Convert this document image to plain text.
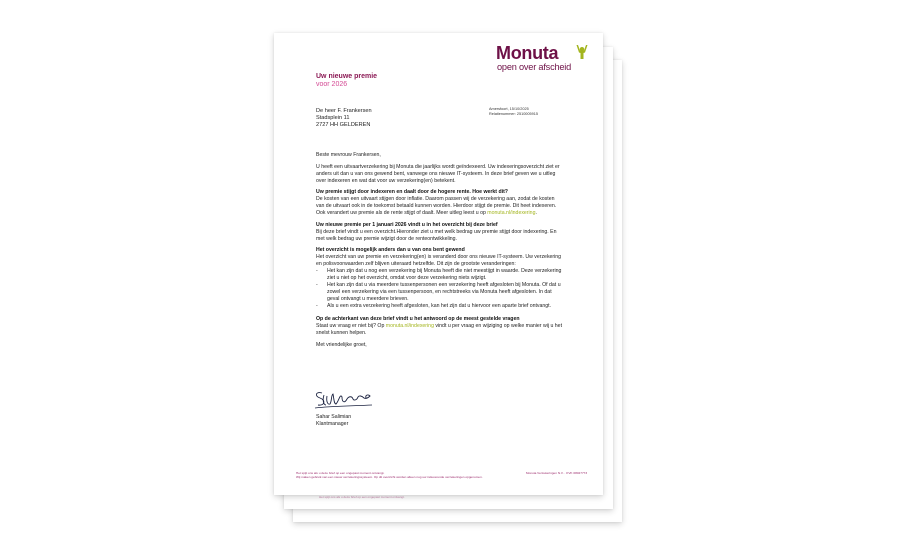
Het spijt ons als u deze brief op een ongepast moment ontvangt.
Monuta
open over afscheid
Uw nieuwe premie
voor 2026
De heer F. Frankersen
Stadsplein 11
2727 HH GELDEREN
Amersfoort, 15/10/2025
Relatienummer: 2510005915

Beste mevrouw Frankersen,

U heeft een uitvaartverzekering bij Monuta die jaarlijks wordt geïndexeerd. Uw indexeringsoverzicht ziet er anders uit dan u van ons gewend bent, vanwege ons nieuwe IT-systeem. In deze brief geven we u uitleg over indexeren en wat dat voor uw verzekering(en) betekent.

Uw premie stijgt door indexeren en daalt door de hogere rente. Hoe werkt dit?

De kosten van een uitvaart stijgen door inflatie. Daarom passen wij de verzekering aan, zodat de kosten van de uitvaart ook in de toekomst betaald kunnen worden. Hierdoor stijgt de premie. Dit heet indexeren. Ook verandert uw premie als de rente stijgt of daalt. Meer uitleg leest u op monuta.nl/indexering.

Uw nieuwe premie per 1 januari 2026 vindt u in het overzicht bij deze brief

Bij deze brief vindt u een overzicht.Hieronder ziet u met welk bedrag uw premie stijgt door indexering. En met welk bedrag uw premie wijzigt door de renteontwikkeling.

Het overzicht is mogelijk anders dan u van ons bent gewend
Het overzicht van uw premie en verzekering(en) is veranderd door ons nieuwe IT-systeem. Uw verzekering en polisvoorwaarden zelf blijven uiteraard hetzelfde. Dit zijn de grootste veranderingen:
- Het kan zijn dat u nog een verzekering bij Monuta heeft die niet meestijgt in waarde. Deze verzekering ziet u niet op het overzicht, omdat voor deze verzekering niets wijzigt.
- Het kan zijn dat u via meerdere tussenpersonen een verzekering heeft afgesloten bij Monuta. Of dat u zowel een verzekering via een tussenpersoon, en rechtstreeks via Monuta heeft afgesloten. In dat geval ontvangt u meerdere brieven.
- Als u een extra verzekering heeft afgesloten, kan het zijn dat u hiervoor een aparte brief ontvangt.
Op de achterkant van deze brief vindt u het antwoord op de meest gestelde vragen

Staat uw vraag er niet bij? Op monuta.nl/indexering vindt u per vraag en wijziging op welke manier wij u het snelst kunnen helpen.

Met vriendelijke groet,

Sahar Salimian
Klantmanager
Het spijt ons als u deze brief op een ongepast moment ontvangt.
Wij maken gebruik van een nieuw verzekeringssysteem. Op dit overzicht worden alleen nog uw indexerende verzekeringen opgenomen.
Monuta Verzekeringen N.V. · KVK 08027773
